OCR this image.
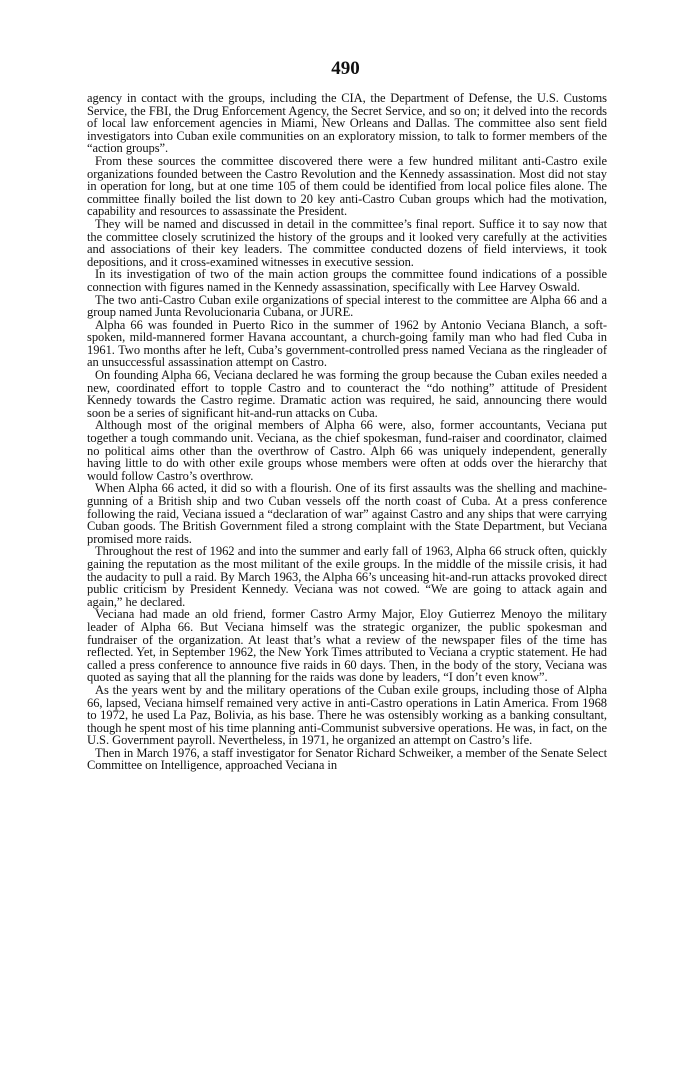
490

agency in contact with the groups, including the CIA, the Department of Defense, the U.S. Customs Service, the FBI, the Drug Enforcement Agency, the Secret Service, and so on; it delved into the records of local law enforcement agencies in Miami, New Orleans and Dallas. The committee also sent field investigators into Cuban exile communities on an exploratory mission, to talk to former members of the “action groups”.

From these sources the committee discovered there were a few hundred militant anti-Castro exile organizations founded between the Castro Revolution and the Kennedy assassination. Most did not stay in operation for long, but at one time 105 of them could be identified from local police files alone. The committee finally boiled the list down to 20 key anti-Castro Cuban groups which had the motivation, capability and resources to assassinate the President.

They will be named and discussed in detail in the committee’s final report. Suffice it to say now that the committee closely scrutinized the history of the groups and it looked very carefully at the activities and associations of their key leaders. The committee conducted dozens of field interviews, it took depositions, and it cross-examined witnesses in executive session.

In its investigation of two of the main action groups the committee found indications of a possible connection with figures named in the Kennedy assassination, specifically with Lee Harvey Oswald.

The two anti-Castro Cuban exile organizations of special interest to the committee are Alpha 66 and a group named Junta Revolucionaria Cubana, or JURE.

Alpha 66 was founded in Puerto Rico in the summer of 1962 by Antonio Veciana Blanch, a soft-spoken, mild-mannered former Havana accountant, a church-going family man who had fled Cuba in 1961. Two months after he left, Cuba’s government-controlled press named Veciana as the ringleader of an unsuccessful assassination attempt on Castro.

On founding Alpha 66, Veciana declared he was forming the group because the Cuban exiles needed a new, coordinated effort to topple Castro and to counteract the “do nothing” attitude of President Kennedy towards the Castro regime. Dramatic action was required, he said, announcing there would soon be a series of significant hit-and-run attacks on Cuba.

Although most of the original members of Alpha 66 were, also, former accountants, Veciana put together a tough commando unit. Veciana, as the chief spokesman, fund-raiser and coordinator, claimed no political aims other than the overthrow of Castro. Alph 66 was uniquely independent, generally having little to do with other exile groups whose members were often at odds over the hierarchy that would follow Castro’s overthrow.

When Alpha 66 acted, it did so with a flourish. One of its first assaults was the shelling and machine-gunning of a British ship and two Cuban vessels off the north coast of Cuba. At a press conference following the raid, Veciana issued a “declaration of war” against Castro and any ships that were carrying Cuban goods. The British Government filed a strong complaint with the State Department, but Veciana promised more raids.

Throughout the rest of 1962 and into the summer and early fall of 1963, Alpha 66 struck often, quickly gaining the reputation as the most militant of the exile groups. In the middle of the missile crisis, it had the audacity to pull a raid. By March 1963, the Alpha 66’s unceasing hit-and-run attacks provoked direct public criticism by President Kennedy. Veciana was not cowed. “We are going to attack again and again,” he declared.

Veciana had made an old friend, former Castro Army Major, Eloy Gutierrez Menoyo the military leader of Alpha 66. But Veciana himself was the strategic organizer, the public spokesman and fundraiser of the organization. At least that’s what a review of the newspaper files of the time has reflected. Yet, in September 1962, the New York Times attributed to Veciana a cryptic statement. He had called a press conference to announce five raids in 60 days. Then, in the body of the story, Veciana was quoted as saying that all the planning for the raids was done by leaders, “I don’t even know”.

As the years went by and the military operations of the Cuban exile groups, including those of Alpha 66, lapsed, Veciana himself remained very active in anti-Castro operations in Latin America. From 1968 to 1972, he used La Paz, Bolivia, as his base. There he was ostensibly working as a banking consultant, though he spent most of his time planning anti-Communist subversive operations. He was, in fact, on the U.S. Government payroll. Nevertheless, in 1971, he organized an attempt on Castro’s life.

Then in March 1976, a staff investigator for Senator Richard Schweiker, a member of the Senate Select Committee on Intelligence, approached Veciana in
